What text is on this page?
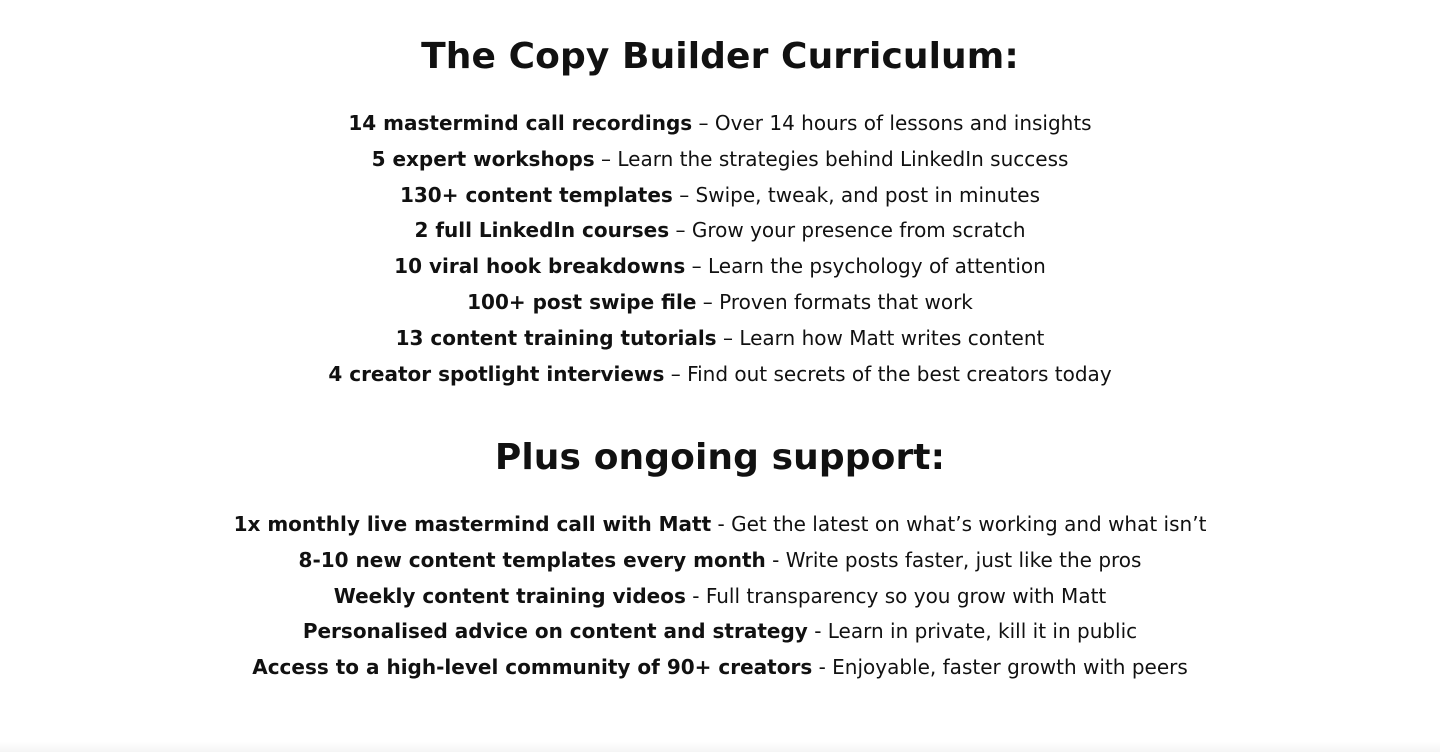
The Copy Builder Curriculum:
14 mastermind call recordings – Over 14 hours of lessons and insights
5 expert workshops – Learn the strategies behind LinkedIn success
130+ content templates – Swipe, tweak, and post in minutes
2 full LinkedIn courses – Grow your presence from scratch
10 viral hook breakdowns – Learn the psychology of attention
100+ post swipe file – Proven formats that work
13 content training tutorials – Learn how Matt writes content
4 creator spotlight interviews – Find out secrets of the best creators today
Plus ongoing support:
1x monthly live mastermind call with Matt - Get the latest on what’s working and what isn’t
8-10 new content templates every month - Write posts faster, just like the pros
Weekly content training videos - Full transparency so you grow with Matt
Personalised advice on content and strategy - Learn in private, kill it in public
Access to a high-level community of 90+ creators - Enjoyable, faster growth with peers
